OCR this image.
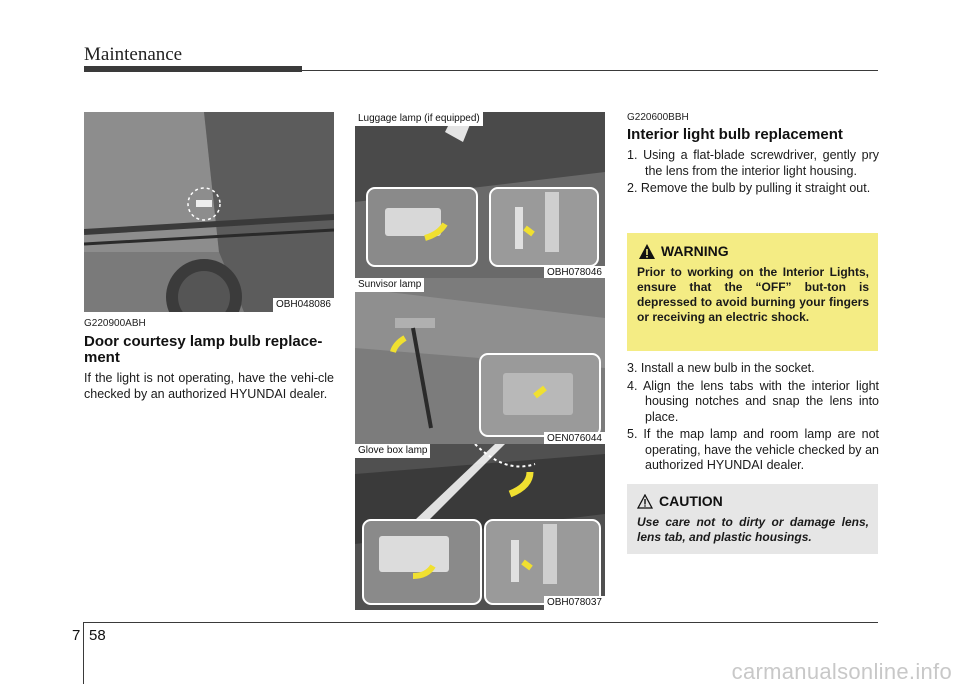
Maintenance
OBH048086
G220900ABH
Door courtesy lamp bulb replace-
ment
If the light is not operating, have the vehi-cle checked by an authorized HYUNDAI dealer.
Luggage lamp (if equipped)
OBH078046
Sunvisor lamp
OEN076044
Glove box lamp
OBH078037
G220600BBH
Interior light bulb replacement
1. Using a flat-blade screwdriver, gently pry the lens from the interior light housing.
2. Remove the bulb by pulling it straight out.
WARNING
Prior to working on the Interior Lights, ensure that the “OFF” but-ton is depressed to avoid burning your fingers or receiving an electric shock.
3. Install a new bulb in the socket.
4. Align the lens tabs with the interior light housing notches and snap the lens into place.
5. If the map lamp and room lamp are not operating, have the vehicle checked by an authorized HYUNDAI dealer.
CAUTION
Use care not to dirty or damage lens, lens tab, and plastic housings.
7 58
carmanualsonline.info
